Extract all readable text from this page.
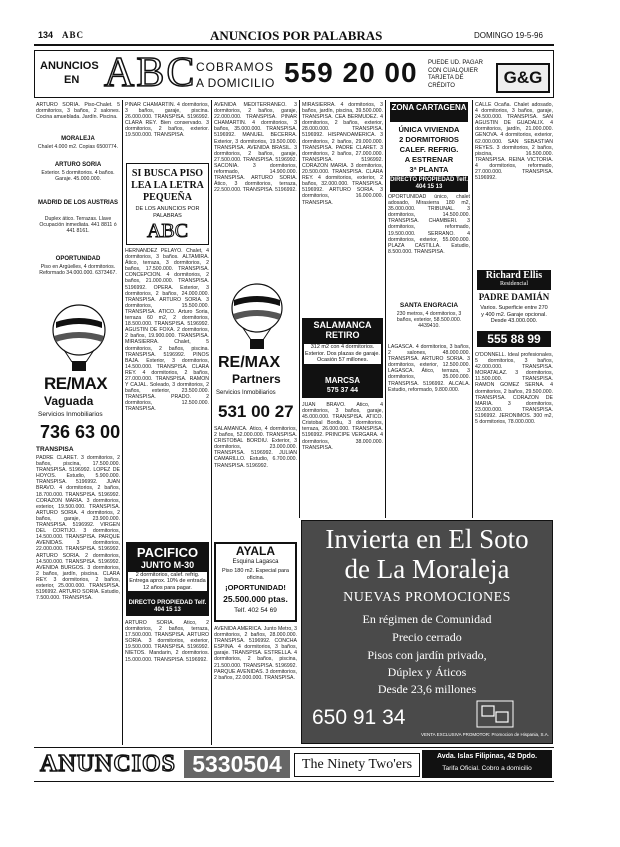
134 ABC	ANUNCIOS POR PALABRAS	DOMINGO 19-5-96
ANUNCIOS
EN ABC COBRAMOS
A DOMICILIO 559 20 00 PUEDE UD. PAGAR CON CUALQUIER TARJETA DE CRÉDITO	G&G
ARTURO SORIA. Piso-Chalet. 5 dormitorios, 3 baños, 2 salones. Cocina amueblada. Jardín. Piscina.
MORALEJA
Chalet 4.000 m2. Copias 6500774.
ARTURO SORIA
Exterior. 5 dormitorios. 4 baños. Garaje. 45.000.000.
MADRID DE LOS AUSTRIAS
Duplex ático. Terrazas. Llave Ocupación inmediata. 441 8811 ó 441 8161.
OPORTUNIDAD
Piso en Argüelles, 4 dormitorios. Reformado 34.000.000. 6373467.
RE/MAX
Vaguada
Servicios Inmobiliarios
736 63 00
TRANSPISA
PADRE CLARET. 3 dormitorios, 2 baños, piscina, 17.500.000. TRANSPISA. 5196992. LOPEZ DE HOYOS. Estudio, 5.900.000. TRANSPISA. 5196992. JUAN BRAVO. 4 dormitorios, 2 baños, 18.700.000. TRANSPISA. 5196992. CORAZON MARIA. 3 dormitorios, exterior, 19.500.000. TRANSPISA. ARTURO SORIA. 4 dormitorios, 2 baños, garaje, 23.900.000. TRANSPISA. 5196992. VIRGEN DEL CORTIJO. 3 dormitorios, 14.500.000. TRANSPISA. PARQUE AVENIDAS. 3 dormitorios, 22.000.000. TRANSPISA. 5196992. ARTURO SORIA. 2 dormitorios, 14.500.000. TRANSPISA. 5196992. AVENIDA BURGOS. 3 dormitorios, 2 baños, jardín, piscina. CLARA REY. 3 dormitorios, 2 baños, exterior, 25.000.000. TRANSPISA. 5196992. ARTURO SORIA. Estudio, 7.500.000. TRANSPISA.
PINAR CHAMARTIN. 4 dormitorios, 3 baños, garaje, piscina. 26.000.000. TRANSPISA. 5196992. CLARA REY. Bien conservado. 3 dormitorios, 2 baños, exterior. 19.500.000. TRANSPISA.
SI BUSCA PISO
LEA LA LETRA
PEQUEÑA
DE LOS ANUNCIOS POR PALABRAS
ABC
HERNANDEZ PELAYO. Chalet, 4 dormitorios, 3 baños. ALTAMIRA. Ático, terraza, 3 dormitorios, 2 baños, 17.500.000. TRANSPISA. CONCEPCION. 4 dormitorios, 2 baños, 21.000.000. TRANSPISA. 5196992. OPERA. Exterior, 3 dormitorios, 2 baños, 24.000.000. TRANSPISA. ARTURO SORIA. 3 dormitorios, 15.500.000. TRANSPISA. ATICO. Arturo Soria, terraza 60 m2, 2 dormitorios, 18.500.000. TRANSPISA. 5196992. AGUSTIN DE FOXA. 2 dormitorios, 2 baños, 19.900.000. TRANSPISA. MIRASIERRA. Chalet, 5 dormitorios, 2 baños, piscina. TRANSPISA. 5196992. PINOS BAJA. Exterior, 3 dormitorios, 14.500.000. TRANSPISA. CLARA REY. 4 dormitorios, 2 baños, 27.000.000. TRANSPISA. RAMON Y CAJAL. Soleado, 3 dormitorios, 2 baños, exterior, 23.500.000. TRANSPISA. PRADO. 2 dormitorios, 12.500.000. TRANSPISA.
PACIFICO
JUNTO M-30
2 dormitorios, calef. refrig. Entrega aprox. 10% de entrada 12 años para pagar.
DIRECTO PROPIEDAD Telf. 404 15 13
ARTURO SORIA. Ático, 2 dormitorios, 2 baños, terraza, 17.500.000. TRANSPISA. ARTURO SORIA. 3 dormitorios, exterior, 19.500.000. TRANSPISA. 5196992. NIETOS. Mandarin, 2 dormitorios. 15.000.000. TRANSPISA. 5196992.
AVENIDA MEDITERRANEO. 3 dormitorios, 2 baños, garaje, 22.000.000. TRANSPISA. PINAR CHAMARTIN. 4 dormitorios, 3 baños, 35.000.000. TRANSPISA. 5196992. MANUEL BECERRA. Exterior, 3 dormitorios, 19.500.000. TRANSPISA. AVENIDA BRASIL. 3 dormitorios, 2 baños, garaje, 27.500.000. TRANSPISA. 5196992. SACONIA. 3 dormitorios, reformado, 14.900.000. TRANSPISA. ARTURO SORIA. Ático, 3 dormitorios, terraza, 22.500.000. TRANSPISA. 5196992.
RE/MAX
Partners
Servicios Inmobiliarios
531 00 27
SALAMANCA. Ático, 4 dormitorios, 2 baños, 52.000.000. TRANSPISA. CRISTOBAL BORDIU. Exterior, 3 dormitorios, 23.000.000. TRANSPISA. 5196992. JULIAN CAMARILLO. Estudio, 6.700.000. TRANSPISA. 5196992.
AYALA
Esquina Lagasca
Piso 180 m2. Especial para oficina.
¡OPORTUNIDAD!
25.500.000 ptas.
Telf. 402 54 69
AVENIDA AMERICA. Junto Metro, 3 dormitorios, 2 baños, 28.000.000. TRANSPISA. 5196992. CONCHA ESPINA. 4 dormitorios, 3 baños, garaje. TRANSPISA. ESTRELLA. 4 dormitorios, 2 baños, piscina, 21.500.000. TRANSPISA. 5196992. PARQUE AVENIDAS. 3 dormitorios, 2 baños, 22.000.000. TRANSPISA.
MIRASIERRA. 4 dormitorios, 3 baños, jardín, piscina, 39.500.000. TRANSPISA. CEA BERMUDEZ. 4 dormitorios, 2 baños, exterior, 28.000.000. TRANSPISA. 5196992. HISPANOAMERICA. 3 dormitorios, 2 baños, 29.000.000. TRANSPISA. PADRE CLARET. 3 dormitorios, 2 baños, 27.000.000. TRANSPISA. 5196992. CORAZON MARIA. 3 dormitorios, 20.500.000. TRANSPISA. CLARA REY. 4 dormitorios, exterior, 2 baños, 32.000.000. TRANSPISA. 5196992. ARTURO SORIA. 3 dormitorios, 16.000.000. TRANSPISA.
SALAMANCA RETIRO
312 m2 con 4 dormitorios. Exterior. Dos plazas de garaje. Ocasión 57 millones.
MARCSA
575 37 44
JUAN BRAVO. Ático, 4 dormitorios, 3 baños, garaje, 45.000.000. TRANSPISA. ATICO. Cristobal Bordiu, 3 dormitorios, terraza, 26.000.000. TRANSPISA. 5196992. PRINCIPE VERGARA. 4 dormitorios, 38.000.000. TRANSPISA.
ZONA CARTAGENA
ÚNICA VIVIENDA
2 DORMITORIOS
CALEF. REFRIG.
A ESTRENAR
3ª PLANTA
DIRECTO PROPIEDAD Telf. 404 15 13
OPORTUNIDAD único, chalet adosado, Mirasierra 180 m2, 35.000.000. TRIBUNAL. 3 dormitorios, 14.500.000. TRANSPISA. CHAMBERI. 3 dormitorios, reformado, 19.500.000. SERRANO. 4 dormitorios, exterior, 55.000.000. PLAZA CASTILLA. Estudio, 8.500.000. TRANSPISA.
SANTA ENGRACIA
230 metros, 4 dormitorios, 3 baños, exterior, 58.500.000. 4439410.
LAGASCA. 4 dormitorios, 3 baños, 2 salones, 48.000.000. TRANSPISA. ARTURO SORIA. 3 dormitorios, exterior, 12.500.000. LAGASCA. Ático, terraza, 3 dormitorios, 35.000.000. TRANSPISA. 5196992. ALCALA. Estudio, reformado, 9.800.000.
CALLE Ocaña. Chalet adosado, 4 dormitorios, 3 baños, garaje, 24.500.000. TRANSPISA. SAN AGUSTIN DE GUADALIX. 4 dormitorios, jardín, 21.000.000. GENOVA. 4 dormitorios, exterior, 62.000.000. SAN SEBASTIAN REYES. 3 dormitorios, 2 baños, piscina, 16.500.000. TRANSPISA. REINA VICTORIA. 4 dormitorios, reformado, 27.000.000. TRANSPISA. 5196992.
Richard Ellis
Residencial
PADRE DAMIÁN
Varios. Superficie entre 270 y 400 m2. Garaje opcional. Desde 43.000.000.
555 88 99
O'DONNELL. Ideal profesionales, 5 dormitorios, 3 baños, 42.000.000. TRANSPISA. MORATALAZ. 3 dormitorios, 11.500.000. TRANSPISA. RAMON GOMEZ SERNA. 4 dormitorios, 2 baños, 29.500.000. TRANSPISA. CORAZON DE MARIA. 3 dormitorios, 23.000.000. TRANSPISA. 5196992. JERONIMOS. 300 m2, 5 dormitorios, 78.000.000.
Invierta en El Soto
de La Moraleja
NUEVAS PROMOCIONES
En régimen de Comunidad
Precio cerrado
Pisos con jardín privado,
Dúplex y Áticos
Desde 23,6 millones
650 91 34
VENTA EXCLUSIVA PROMOTOR: Promocion de Hispania, S.A.
ANUNCIOS 5330504	The Ninety Two'ers
Avda. Islas Filipinas, 42 Dpdo.
Tarifa Oficial. Cobro a domicilio
